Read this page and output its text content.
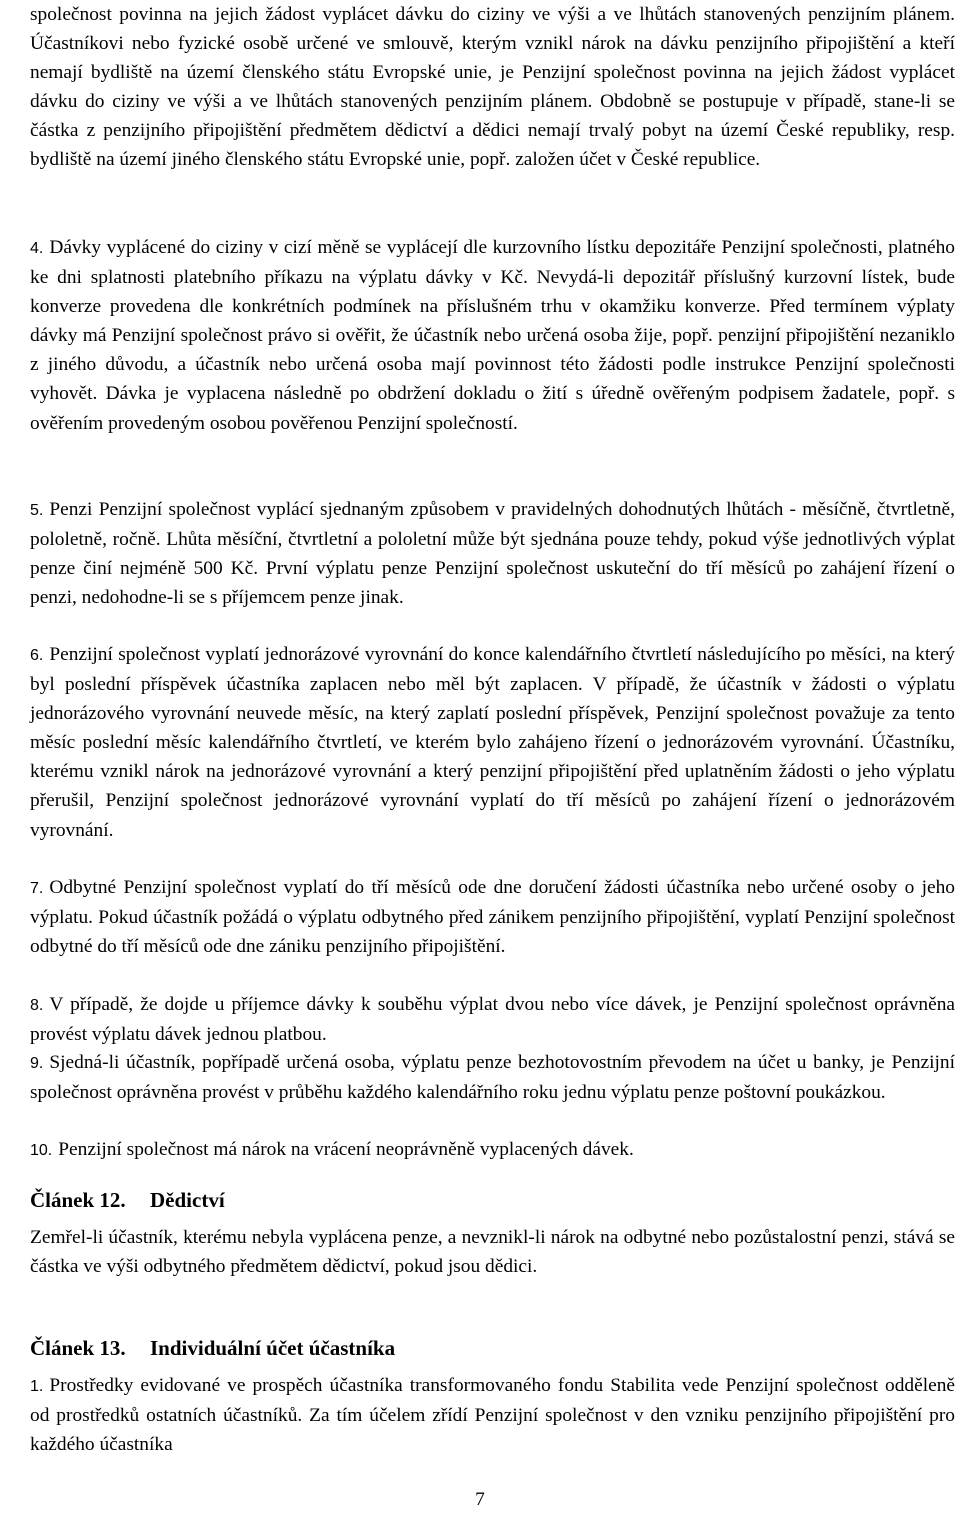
společnost povinna na jejich žádost vyplácet dávku do ciziny ve výši a ve lhůtách stanovených penzijním plánem. Účastníkovi nebo fyzické osobě určené ve smlouvě, kterým vznikl nárok na dávku penzijního připojištění a kteří nemají bydliště na území členského státu Evropské unie, je Penzijní společnost povinna na jejich žádost vyplácet dávku do ciziny ve výši a ve lhůtách stanovených penzijním plánem. Obdobně se postupuje v případě, stane-li se částka z penzijního připojištění předmětem dědictví a dědici nemají trvalý pobyt na území České republiky, resp. bydliště na území jiného členského státu Evropské unie, popř. založen účet v České republice.

4. Dávky vyplácené do ciziny v cizí měně se vyplácejí dle kurzovního lístku depozitáře Penzijní společnosti, platného ke dni splatnosti platebního příkazu na výplatu dávky v Kč. Nevydá-li depozitář příslušný kurzovní lístek, bude konverze provedena dle konkrétních podmínek na příslušném trhu v okamžiku konverze. Před termínem výplaty dávky má Penzijní společnost právo si ověřit, že účastník nebo určená osoba žije, popř. penzijní připojištění nezaniklo z jiného důvodu, a účastník nebo určená osoba mají povinnost této žádosti podle instrukce Penzijní společnosti vyhovět. Dávka je vyplacena následně po obdržení dokladu o žití s úředně ověřeným podpisem žadatele, popř. s ověřením provedeným osobou pověřenou Penzijní společností.

5. Penzi Penzijní společnost vyplácí sjednaným způsobem v pravidelných dohodnutých lhůtách - měsíčně, čtvrtletně, pololetně, ročně. Lhůta měsíční, čtvrtletní a pololetní může být sjednána pouze tehdy, pokud výše jednotlivých výplat penze činí nejméně 500 Kč. První výplatu penze Penzijní společnost uskuteční do tří měsíců po zahájení řízení o penzi, nedohodne-li se s příjemcem penze jinak.

6. Penzijní společnost vyplatí jednorázové vyrovnání do konce kalendářního čtvrtletí následujícího po měsíci, na který byl poslední příspěvek účastníka zaplacen nebo měl být zaplacen. V případě, že účastník v žádosti o výplatu jednorázového vyrovnání neuvede měsíc, na který zaplatí poslední příspěvek, Penzijní společnost považuje za tento měsíc poslední měsíc kalendářního čtvrtletí, ve kterém bylo zahájeno řízení o jednorázovém vyrovnání. Účastníku, kterému vznikl nárok na jednorázové vyrovnání a který penzijní připojištění před uplatněním žádosti o jeho výplatu přerušil, Penzijní společnost jednorázové vyrovnání vyplatí do tří měsíců po zahájení řízení o jednorázovém vyrovnání.

7. Odbytné Penzijní společnost vyplatí do tří měsíců ode dne doručení žádosti účastníka nebo určené osoby o jeho výplatu. Pokud účastník požádá o výplatu odbytného před zánikem penzijního připojištění, vyplatí Penzijní společnost odbytné do tří měsíců ode dne zániku penzijního připojištění.

8. V případě, že dojde u příjemce dávky k souběhu výplat dvou nebo více dávek, je Penzijní společnost oprávněna provést výplatu dávek jednou platbou.

9. Sjedná-li účastník, popřípadě určená osoba, výplatu penze bezhotovostním převodem na účet u banky, je Penzijní společnost oprávněna provést v průběhu každého kalendářního roku jednu výplatu penze poštovní poukázkou.

10. Penzijní společnost má nárok na vrácení neoprávněně vyplacených dávek.

Článek 12. Dědictví

Zemřel-li účastník, kterému nebyla vyplácena penze, a nevznikl-li nárok na odbytné nebo pozůstalostní penzi, stává se částka ve výši odbytného předmětem dědictví, pokud jsou dědici.

Článek 13. Individuální účet účastníka

1. Prostředky evidované ve prospěch účastníka transformovaného fondu Stabilita vede Penzijní společnost odděleně od prostředků ostatních účastníků. Za tím účelem zřídí Penzijní společnost v den vzniku penzijního připojištění pro každého účastníka

7
